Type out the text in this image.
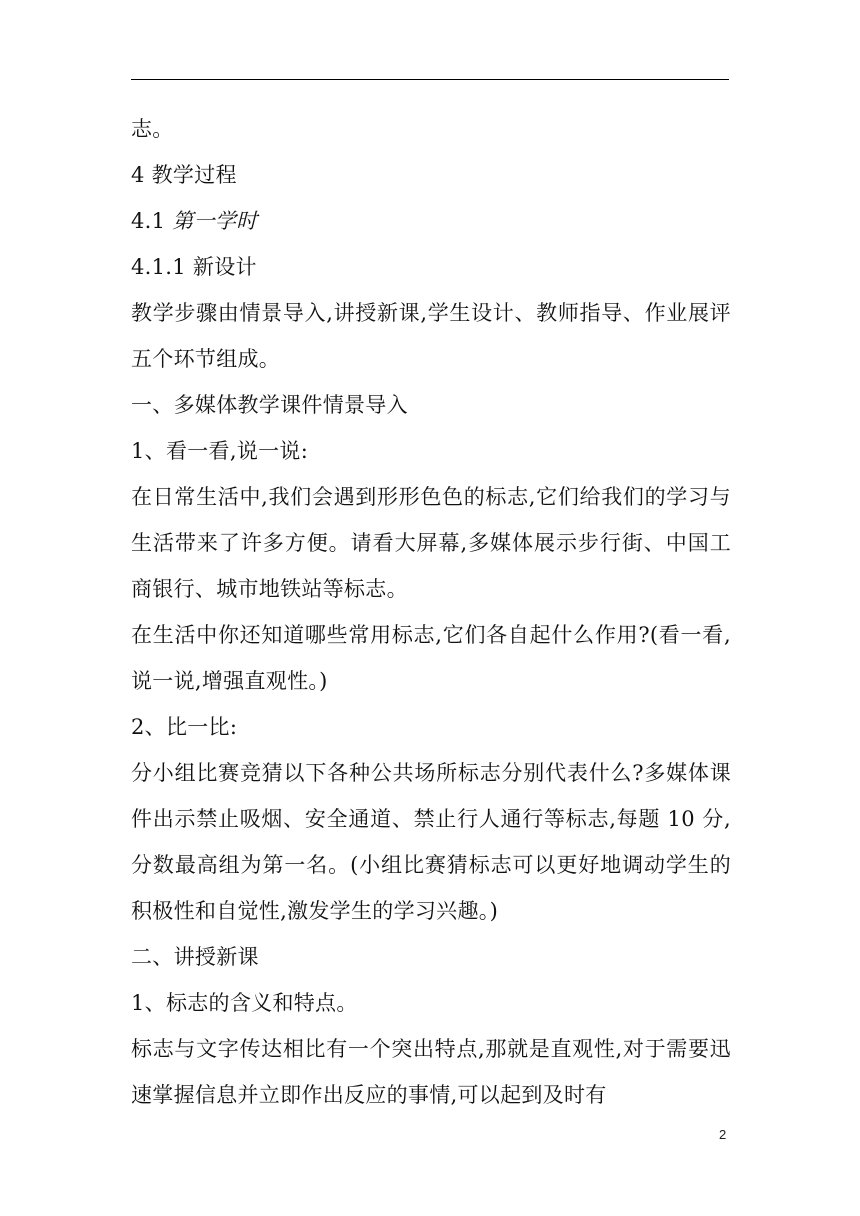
志。

4 教学过程

4.1 第一学时

4.1.1 新设计

教学步骤由情景导入,讲授新课,学生设计、教师指导、作业展评五个环节组成。

一、多媒体教学课件情景导入

1、看一看,说一说:

在日常生活中,我们会遇到形形色色的标志,它们给我们的学习与生活带来了许多方便。请看大屏幕,多媒体展示步行街、中国工商银行、城市地铁站等标志。

在生活中你还知道哪些常用标志,它们各自起什么作用?(看一看,说一说,增强直观性。)

2、比一比:

分小组比赛竞猜以下各种公共场所标志分别代表什么?多媒体课件出示禁止吸烟、安全通道、禁止行人通行等标志,每题 10 分,分数最高组为第一名。(小组比赛猜标志可以更好地调动学生的积极性和自觉性,激发学生的学习兴趣。)

二、讲授新课

1、标志的含义和特点。

标志与文字传达相比有一个突出特点,那就是直观性,对于需要迅速掌握信息并立即作出反应的事情,可以起到及时有

2
